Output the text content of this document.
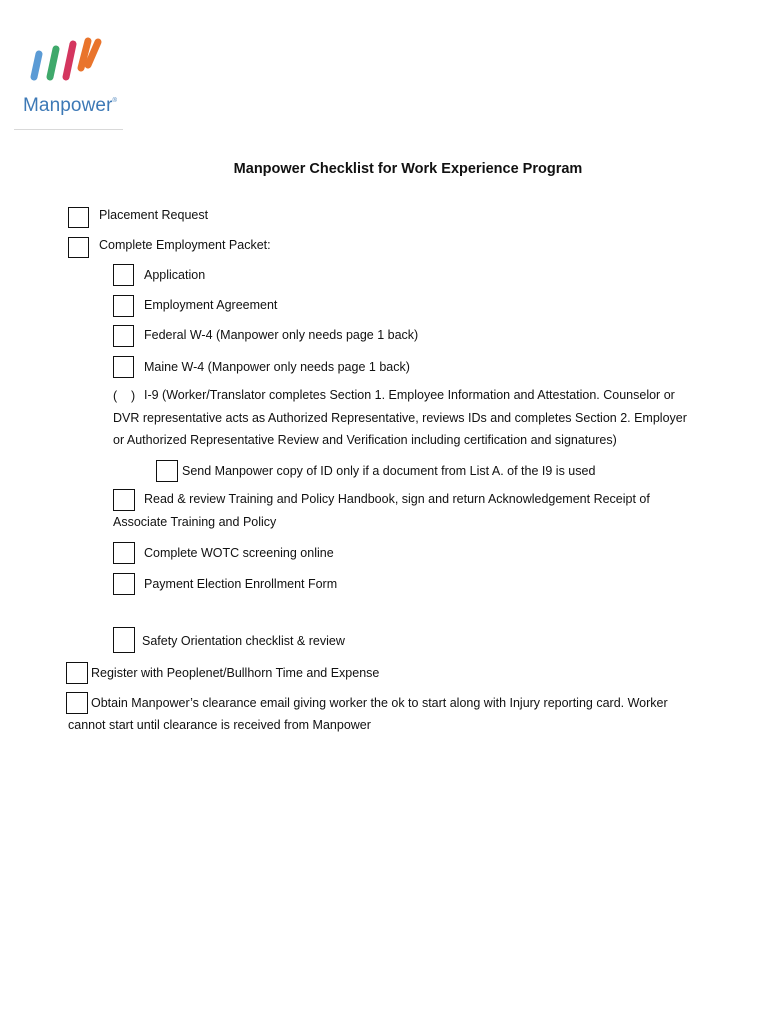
Manpower®
Manpower Checklist for Work Experience Program
Placement Request
Complete Employment Packet:
Application
Employment Agreement
Federal W-4 (Manpower only needs page 1 back)
Maine W-4 (Manpower only needs page 1 back)
(    ) I-9 (Worker/Translator completes Section 1. Employee Information and Attestation. Counselor or
DVR representative acts as Authorized Representative, reviews IDs and completes Section 2. Employer
or Authorized Representative Review and Verification including certification and signatures)
Send Manpower copy of ID only if a document from List A. of the I9 is used
Read & review Training and Policy Handbook, sign and return Acknowledgement Receipt of
Associate Training and Policy
Complete WOTC screening online
Payment Election Enrollment Form
Safety Orientation checklist & review
Register with Peoplenet/Bullhorn Time and Expense
Obtain Manpower’s clearance email giving worker the ok to start along with Injury reporting card. Worker
cannot start until clearance is received from Manpower
